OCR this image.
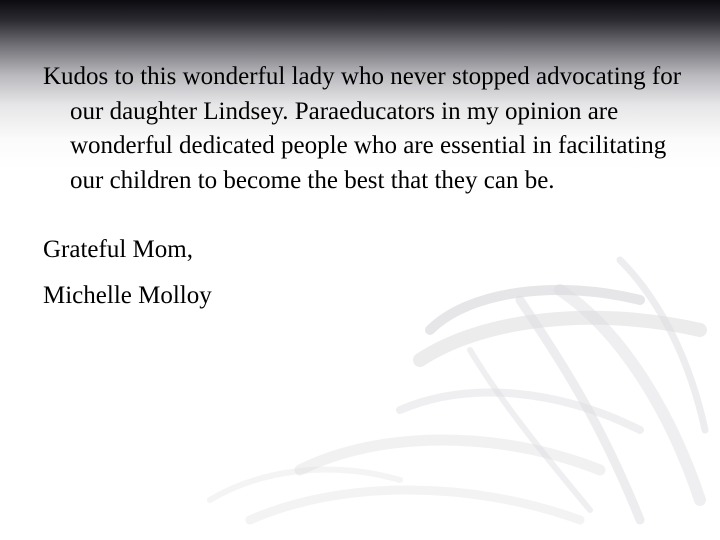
Kudos to this wonderful lady who never stopped advocating for our daughter Lindsey. Paraeducators in my opinion are wonderful dedicated people who are essential in facilitating our children to become the best that they can be.

Grateful Mom,

Michelle Molloy
